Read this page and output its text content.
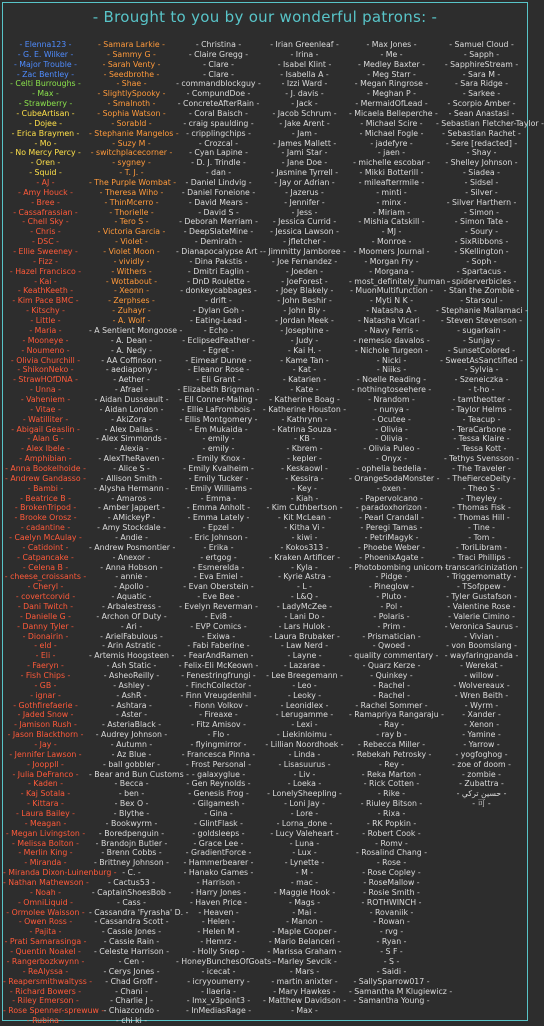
- Brought to you by our wonderful patrons: -
- Elenna123 -
- G. E. Wilker -
- Major Trouble -
- Zac Bentley -
- Celti Burroughs -
- Max -
- Strawberry -
- CubeArtisan -
- Dojee -
- Erica Braymen -
- Mo -
- No Mercy Percy -
- Oren -
- Squid -
- AJ -
- Amy Houck -
- Bree -
- Cassafrassian -
- Chell Sky -
- Chris -
- DSC -
- Ellie Sweeney -
- Fizz -
- Hazel Francisco -
- Kai -
- KeathKeeth -
- Kim Pace BMC -
- Kitschy -
- Little -
- Maria -
- Mooneye -
- Noumeno -
- Olivia Churchill -
- ShikonNeko -
- StrawHOfDNA -
- Unna -
- Vaheniem -
- Vitae -
- Watilliter -
- Abigail Geaslin -
- Alan G -
- Alex Ibele -
- Amphibian -
- Anna Bookelhoide -
- Andrew Gandasso -
- Bambi -
- Beatrice B -
- BrokenTripod -
- Brooke Orosz -
- cadantine -
- Caelyn McAulay -
- Catidoint -
- Catpancake -
- Celena B -
- cheese_croissants -
- Cheryl -
- covertcorvid -
- Dani Twitch -
- Danielle G -
- Danny Tyler -
- Dionairin -
- eld -
- Eli -
- Faeryn -
- Fish Chips -
- GB -
- ignar -
- Gothfirefaerie -
- Jaded Snow -
- Jamison Rush -
- Jason Blackthorn -
- Jay -
- Jennifer Lawson -
- Jooppll -
- Julia DeFranco -
- Kaden -
- Kaj Sotala -
- Kittara -
- Laura Bailey -
- Meagan -
- Megan Livingston -
- Melissa Bolton -
- Merlin King -
- Miranda -
- Miranda Dixon-Luinenburg -
- Nathan Mathewson -
- Noah -
- OmniLiquid -
- Ormolee Waisson -
- Owen Ross -
- Pajita -
- Prati Samarasinga -
- Quentin Noakel -
- Rangerbozkwynn -
- ReAlyssa -
- Reapersmithwaltyss -
- Richard Bowers -
- Riley Emerson -
- Rose Spenner-sprewuw -
- Rubina -
- Samara Larkie -
- Sammy G -
- Sarah Venty -
- Seedbrothe -
- Shae -
- SlightlySpooky -
- Smalnoth -
- Sophia Watson -
- Sorabld -
- Stephanie Mangelos -
- Suzy M -
- switchplacecorner -
- sygney -
- T. J. -
- The Purple Wombat -
- Theresa Wiho -
- ThinMcerro -
- Thorielle -
- Tero S -
- Victoria Garcia -
- Violet -
- Violet Moon -
- vividly -
- Withers -
- Wottabout -
- Xeonn -
- Zerphses -
- Zuhayr -
- A. Wolf -
- A Sentient Mongoose -
- A. Dean -
- A. Nedy -
- AA Coffinson -
- aediapony -
- Aether -
- Afrael -
- Aidan Dusseault -
- Aidan London -
- AkiZora -
- Alex Dallas -
- Alex Simmonds -
- Alexia -
- AlexTheRaven -
- Alice S -
- Allison Smith -
- Alysha Hermann -
- Amaros -
- Amber Jappert -
- AMickeyP -
- Amy Stockdale -
- Andie -
- Andrew Posmontier -
- Anexor -
- Anna Hobson -
- annie -
- Apollo -
- Aquatic -
- Arbalestress -
- Archon Of Duty -
- Ari -
- ArielFabulous -
- Arin Astratic -
- Artemis Hoogsteen -
- Ash Static -
- AsheoReilly -
- Ashley -
- AshR -
- Ashtara -
- Aster -
- AsteriaBlack -
- Audrey Johnson -
- Autumn -
- Az Blue -
- ball gobbler -
- Bear and Bun Customs -
- Becca -
- ben -
- Bex O -
- Blythe -
- Bookwyrm -
- Boredpenguin -
- Brandojn Butler -
- Brenn Cobbs -
- Brittney Johnson -
- C. -
- Cactus53 -
- CaptainShoesBob -
- Cass -
- Cassandra 'Fyrasha' D. -
- Cassandra Scott -
- Cassie Jones -
- Cassie Rain -
- Celeste Harrison -
- Cen -
- Cerys Jones -
- Chad Groff -
- Chani -
- Charlie J -
- Chiazcondo -
- chi ki -
- Christina -
- Claire Gregg -
- Clare -
- Clare -
- commandblockguy -
- CompundDoe -
- ConcreteAfterRain -
- Coral Baisch -
- craig spaulding -
- cripplingchips -
- Crozcal -
- Cyan Lapine -
- D. J. Trindle -
- dan -
- Daniel Lindvig -
- Daniel Foneione -
- David Mears -
- David S -
- Deborah Merriam -
- DeepSlateMine -
- Demirath -
- Dianapocalypse Art -
- Dina Pakstis -
- Dmitri Eaglin -
- DnD Roulette -
- donkeycabbages -
- drift -
- Dylan Goh -
- Eating-Lead -
- Echo -
- EclipsedFeather -
- Egret -
- Eimear Dunne -
- Eleanor Rose -
- Eli Grant -
- Elizabeth Brigman -
- Ell Conner-Maling -
- Ellie LaFrombois -
- Ellis Montgomery -
- Em Mukaida -
- emily -
- emily -
- Emily Knox -
- Emily Kvalheim -
- Emily Tucker -
- Emily Williams -
- Emma -
- Emma Anholt -
- Emma Lately -
- Epzel -
- Eric Johnson -
- Erika -
- ertgog -
- Esmerelda -
- Eva Emiel -
- Evan Oberstein -
- Eve Bee -
- Evelyn Reverman -
- Evi8 -
- EVP Comics -
- Exiwa -
- Fabi Faberine -
- FearAndRamen -
- Felix-Eli McKeown -
- Fenestringfrungi -
- FinchCollector -
- Finn Vreugdenhil -
- Fionn Volkov -
- Fireaxe -
- Fitz Amisov -
- Flo -
- flyingmirror -
- Francesca Pinna -
- Frost Personal -
- galaxyglue -
- Gen Reynolds -
- Genesis Frog -
- Gilgamesh -
- Gina -
- GlintFlask -
- goldsleeps -
- Grace Lee -
- GradientForce -
- Hammerbearer -
- Hanako Games -
- Harrison -
- Harry Jones -
- Haven Price -
- Heaven -
- Helen -
- Helen M -
- Hemrz -
- Holly Snep -
- HoneyBunchesOfGoats -
- icecat -
- icryyoumerry -
- Ilaeria -
- Imx_v3point3 -
- InMediasRage -
- Irian Greenleaf -
- Irina -
- Isabel Klint -
- Isabella A -
- Izzi Ward -
- J. davis -
- Jack -
- Jacob Schrum -
- Jake Arent -
- Jam -
- James Mallett -
- Jami Star -
- Jane Doe -
- Jasmine Tyrrell -
- Jay or Adrian -
- Jazerus -
- Jennifer -
- Jess -
- Jessica Currid -
- Jessica Lawson -
- jfletcher -
- Jimmitty Jamboree -
- Joe Fernandez -
- Joeden -
- JoeForest -
- Joey Blakely -
- John Beshir -
- John Bly -
- Jordan Meek -
- Josephine -
- Judy -
- Kai H. -
- Kame Tan -
- Kat -
- Katarien -
- Kate -
- Katherine Boag -
- Katherine Houston -
- Kathrynn -
- Katrina Souza -
- KB -
- Kbrem -
- kepler -
- Keskaowl -
- Kessira -
- Key -
- Kiah -
- Kim Cuthbertson -
- Kit McLean -
- Kitha Vi -
- kiwi -
- Kokos313 -
- Kraken Artificer -
- Kyla -
- Kyrie Astra -
- L -
- L&Q -
- LadyMcZee -
- Lani Do -
- Lars Hulok -
- Laura Brubaker -
- Law Nerd -
- Layne -
- Lazarae -
- Lee Breegemann -
- Leo -
- Leoky -
- Leonidlex -
- Lerugamme -
- Lexi -
- Liekinloimu -
- Lillian Noordhoek -
- Linda -
- Lisasuurus -
- Liv -
- Loeka -
- LonelySheepling -
- Loni Jay -
- Lore -
- Lorna_done -
- Lucy Valeheart -
- Luna -
- Lux -
- Lynette -
- M -
- mac -
- Maggie Hook -
- Mags -
- Mai -
- Manon -
- Maple Cooper -
- Mario Belanceri -
- Marissa Graham -
- Marley Sevcik -
- Mars -
- martin anixter -
- Mary Hawkes -
- Matthew Davidson -
- Max -
- Max Jones -
- Me -
- Medley Baxter -
- Meg Starr -
- Megan Ringrose -
- Meghan P -
- MermaidOfLead -
- Micaela Belleperche -
- Michael Scire -
- Michael Fogle -
- jadefyre -
- jaen -
- michelle escobar -
- Mikki Botterill -
- mileafterrmile -
- minti -
- minx -
- Miriam -
- Mishia Catskill -
- MJ -
- Monroe -
- Moomers Journal -
- Morgan Fry -
- Morgana -
- most_definitely_human -
- MuonMultifunction -
- Myti N K -
- Natasha A -
- Natasha Vicari -
- Navy Ferris -
- nemesio davalos -
- Nichole Turgeon -
- Nicki -
- Niiks -
- Noelle Reading -
- nothingtoseehere -
- Nrandom -
- nunya -
- Ocutee -
- Olivia -
- Olivia -
- Olivia Puleo -
- Onyx -
- ophelia bedelia -
- OrangeSodaMonster -
- oxen -
- Papervolcano -
- paradoxhorizon -
- Pearl Crandall -
- Peregi Tamas -
- PetriMagyk -
- Phoebe Weber -
- PhoenixAgate -
- Photobombing unicorn -
- Pidge -
- Pineglow -
- Pluto -
- Pol -
- Polaris -
- Prim -
- Prismatician -
- Qwoed -
- quality commentary -
- Quarz Kerze -
- Quinkey -
- Rachel -
- Rachel -
- Rachel Sommer -
- Ramapriya Rangaraju -
- Ray -
- ray b -
- Rebecca Miller -
- Rebekah Petrosky -
- Rey -
- Reka Marton -
- Rick Cotten -
- Rike -
- Riuley Bitson -
- Rixa -
- RK Popkin -
- Robert Cook -
- Romv -
- Rosalind Chang -
- Rose -
- Rose Copley -
- RoseMallow -
- Rosie Smith -
- ROTHWINCH -
- Rovaniik -
- Rowan -
- rvg -
- Ryan -
- S F -
- S -
- Saidi -
- SallySparrow017 -
- Samantha M Klugiewicz -
- Samantha Young -
- Samuel Cloud -
- Sapph -
- SapphireStream -
- Sara M -
- Sara Ridge -
- Sarkee -
- Scorpio Amber -
- Sean Anastasi -
- Sebastian Fletcher-Taylor -
- Sebastian Rachet -
- Sere [redacted] -
- Shay -
- Shelley Johnson -
- Siadea -
- Sidsel -
- Silver -
- Silver Harthern -
- Simon -
- Simon Tate -
- Soury -
- SixRibbons -
- SKellington -
- Soph -
- Spartacus -
- spiderverbicles -
- Stan the Zombie -
- Starsoul -
- Stephanie Mallamaci -
- Steven Stevenson -
- sugarkain -
- Sunjay -
- SunsetColored -
- SweetAsSanctified -
- Sylvia -
- Szeneiczka -
- t-ho -
- tamtheotter -
- Taylor Helms -
- Teacup -
- TeraCarbone -
- Tessa Klaire -
- Tessa Kott -
- Tethys Svensson -
- The Traveler -
- TheFierceDeity -
- Theo S -
- Theyley -
- Thomas Fisk -
- Thomas Hill -
- Tine -
- Tom -
- ToriLibram -
- Traci Phillips -
- transcaricinization -
- Triggemomatty -
- TSofppew -
- Tyler Gustafson -
- Valentine Rose -
- Valerie Cimino -
- Veronica Saurus -
- Vivian -
- von Boomslang -
- wayfaringpanda -
- Werekat -
- willow -
- Wolvereaux -
- Wren Beith -
- Wyrm -
- Xander -
- Xenon -
- Yamine -
- Yarrow -
- yogfoghog -
- zoe of doom -
- zombie -
- Zubattra -
- حسين تركي -
- 可 -
